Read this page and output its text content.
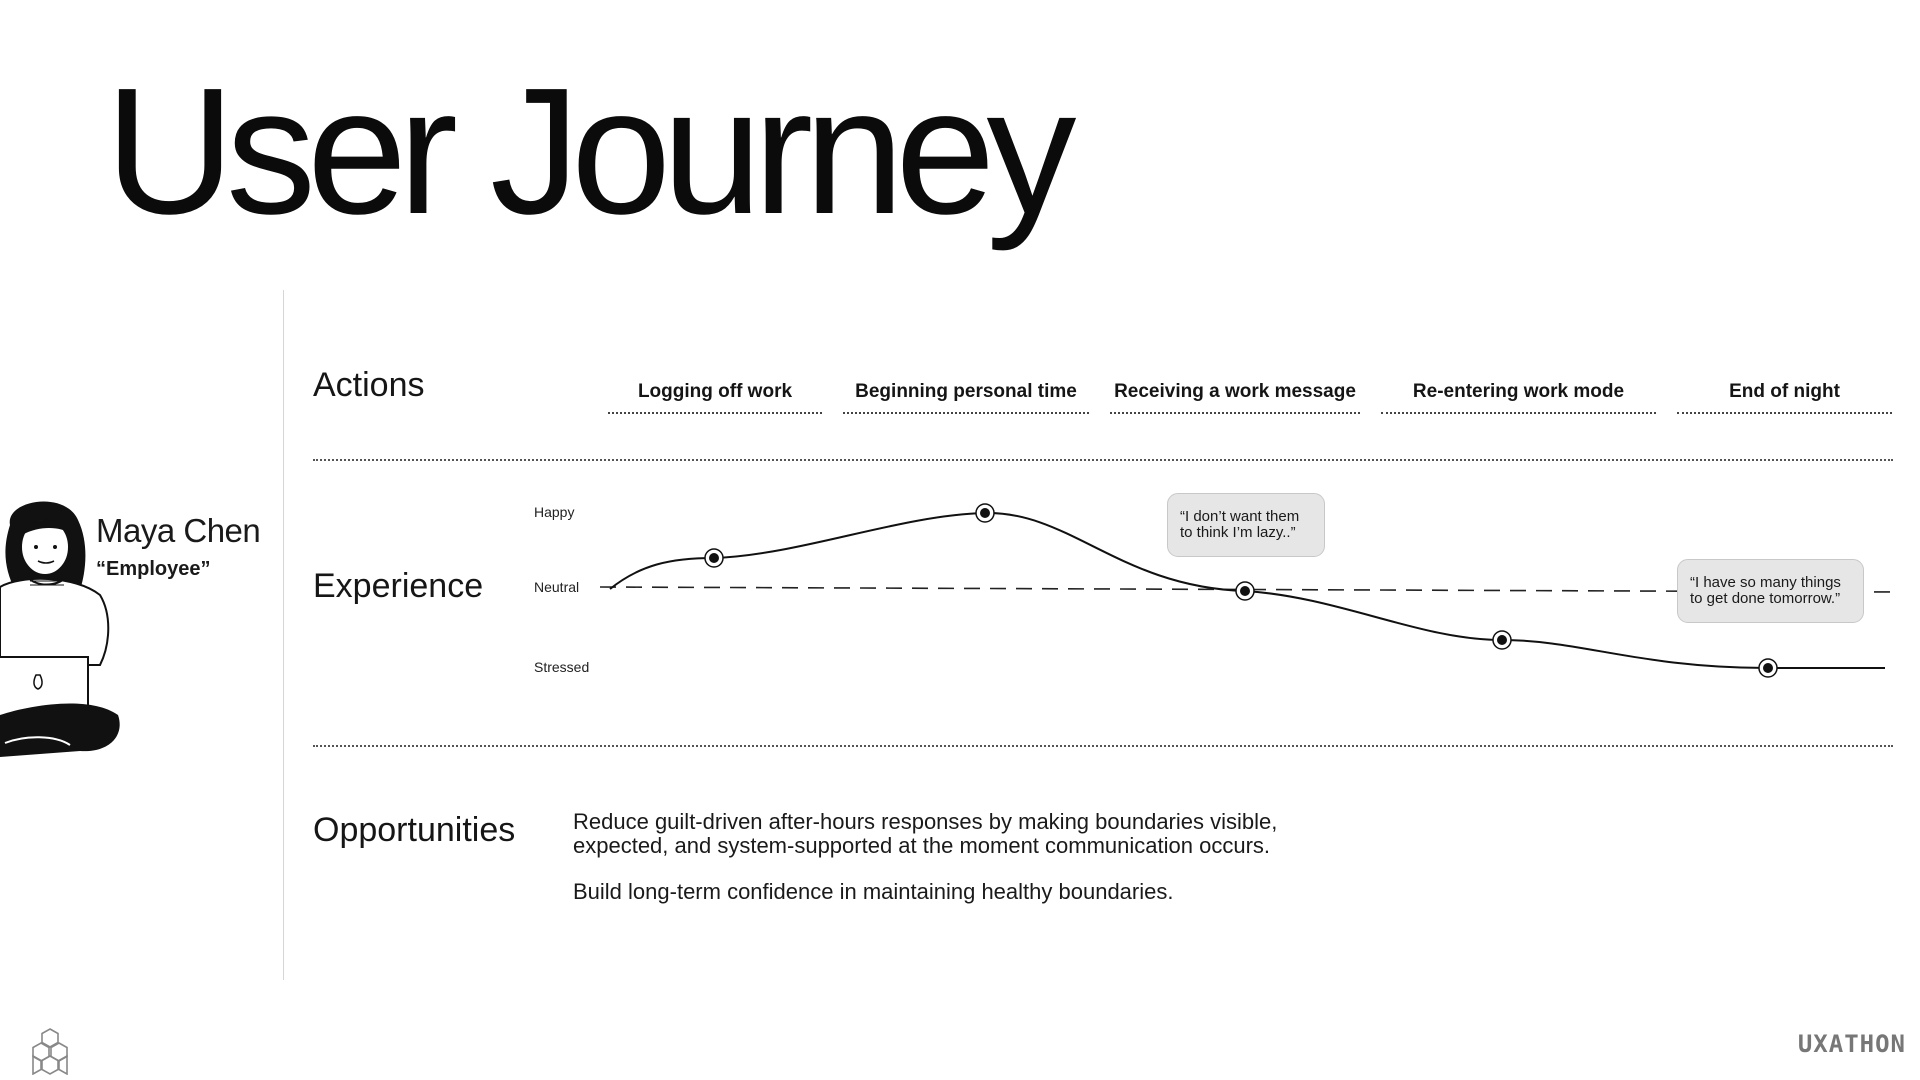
User Journey
Maya Chen
“Employee”
Actions
Experience
Opportunities
Logging off work	Beginning personal time	Receiving a work message	Re-entering work mode	End of night
Happy
Neutral
Stressed
“I don’t want them
to think I’m lazy..”
“I have so many things
to get done tomorrow.”
Reduce guilt-driven after-hours responses by making boundaries visible,
expected, and system-supported at the moment communication occurs.
Build long-term confidence in maintaining healthy boundaries.
UXATHON
